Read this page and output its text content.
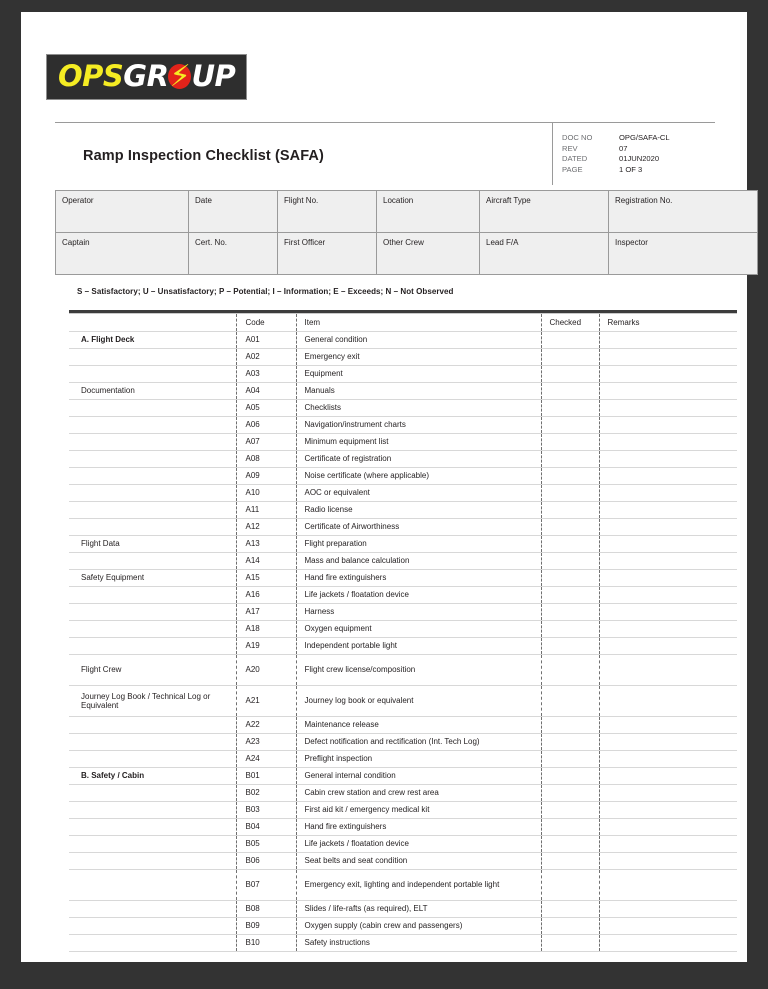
OPSGR ⚡ UP
Ramp Inspection Checklist (SAFA)
DOC NO	OPG/SAFA-CL
REV	07
DATED	01JUN2020
PAGE	1 OF 3
Operator	Date	Flight No.	Location	Aircraft Type	Registration No.
Captain	Cert. No.	First Officer	Other Crew	Lead F/A	Inspector
S – Satisfactory; U – Unsatisfactory; P – Potential; I – Information; E – Exceeds; N – Not Observed

	Code	Item	Checked	Remarks
A. Flight Deck	A01	General condition		
	A02	Emergency exit		
	A03	Equipment		
Documentation	A04	Manuals		
	A05	Checklists		
	A06	Navigation/instrument charts		
	A07	Minimum equipment list		
	A08	Certificate of registration		
	A09	Noise certificate (where applicable)		
	A10	AOC or equivalent		
	A11	Radio license		
	A12	Certificate of Airworthiness		
Flight Data	A13	Flight preparation		
	A14	Mass and balance calculation		
Safety Equipment	A15	Hand fire extinguishers		
	A16	Life jackets / floatation device		
	A17	Harness		
	A18	Oxygen equipment		
	A19	Independent portable light		
Flight Crew	A20	Flight crew license/composition		
Journey Log Book / Technical Log or Equivalent	A21	Journey log book or equivalent		
	A22	Maintenance release		
	A23	Defect notification and rectification (Int. Tech Log)		
	A24	Preflight inspection		
B. Safety / Cabin	B01	General internal condition		
	B02	Cabin crew station and crew rest area		
	B03	First aid kit / emergency medical kit		
	B04	Hand fire extinguishers		
	B05	Life jackets / floatation device		
	B06	Seat belts and seat condition		
	B07	Emergency exit, lighting and independent portable light		
	B08	Slides / life-rafts (as required), ELT		
	B09	Oxygen supply (cabin crew and passengers)		
	B10	Safety instructions		
